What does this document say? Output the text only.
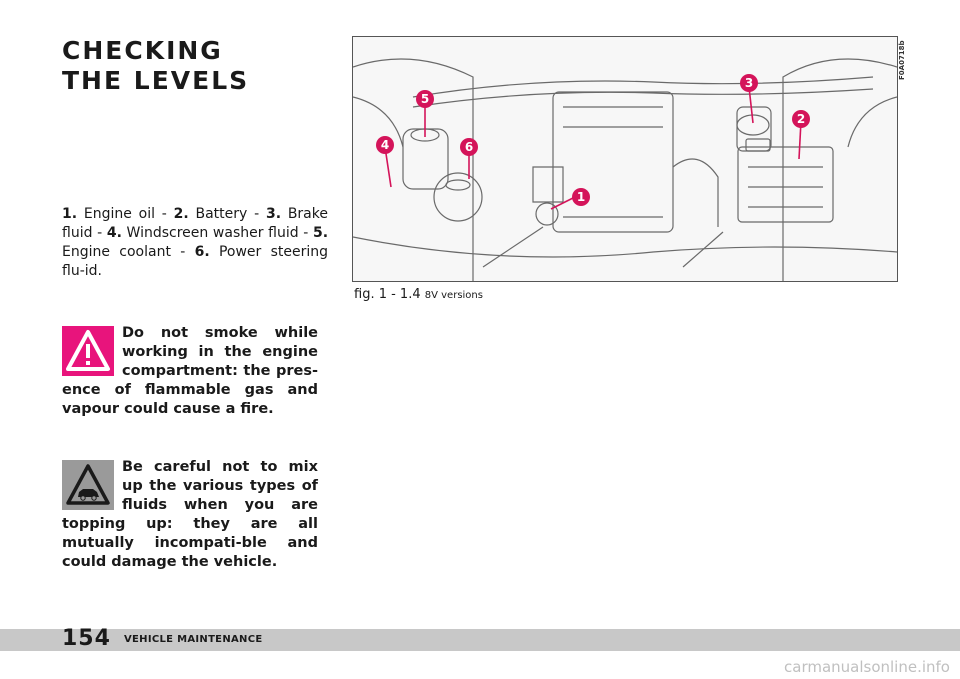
CHECKING
THE LEVELS
1. Engine oil - 2. Battery - 3. Brake fluid - 4. Windscreen washer fluid - 5. Engine coolant - 6. Power steering flu-id.
Do not smoke while working in the engine compartment: the pres-ence of flammable gas and vapour could cause a fire.
Be careful not to mix up the various types of fluids when you are topping up: they are all mutually incompati-ble and could damage the vehicle.
5
3
2
4	6
1
F0A0718b
fig. 1 - 1.4 8V versions
154 VEHICLE MAINTENANCE
carmanualsonline.info
